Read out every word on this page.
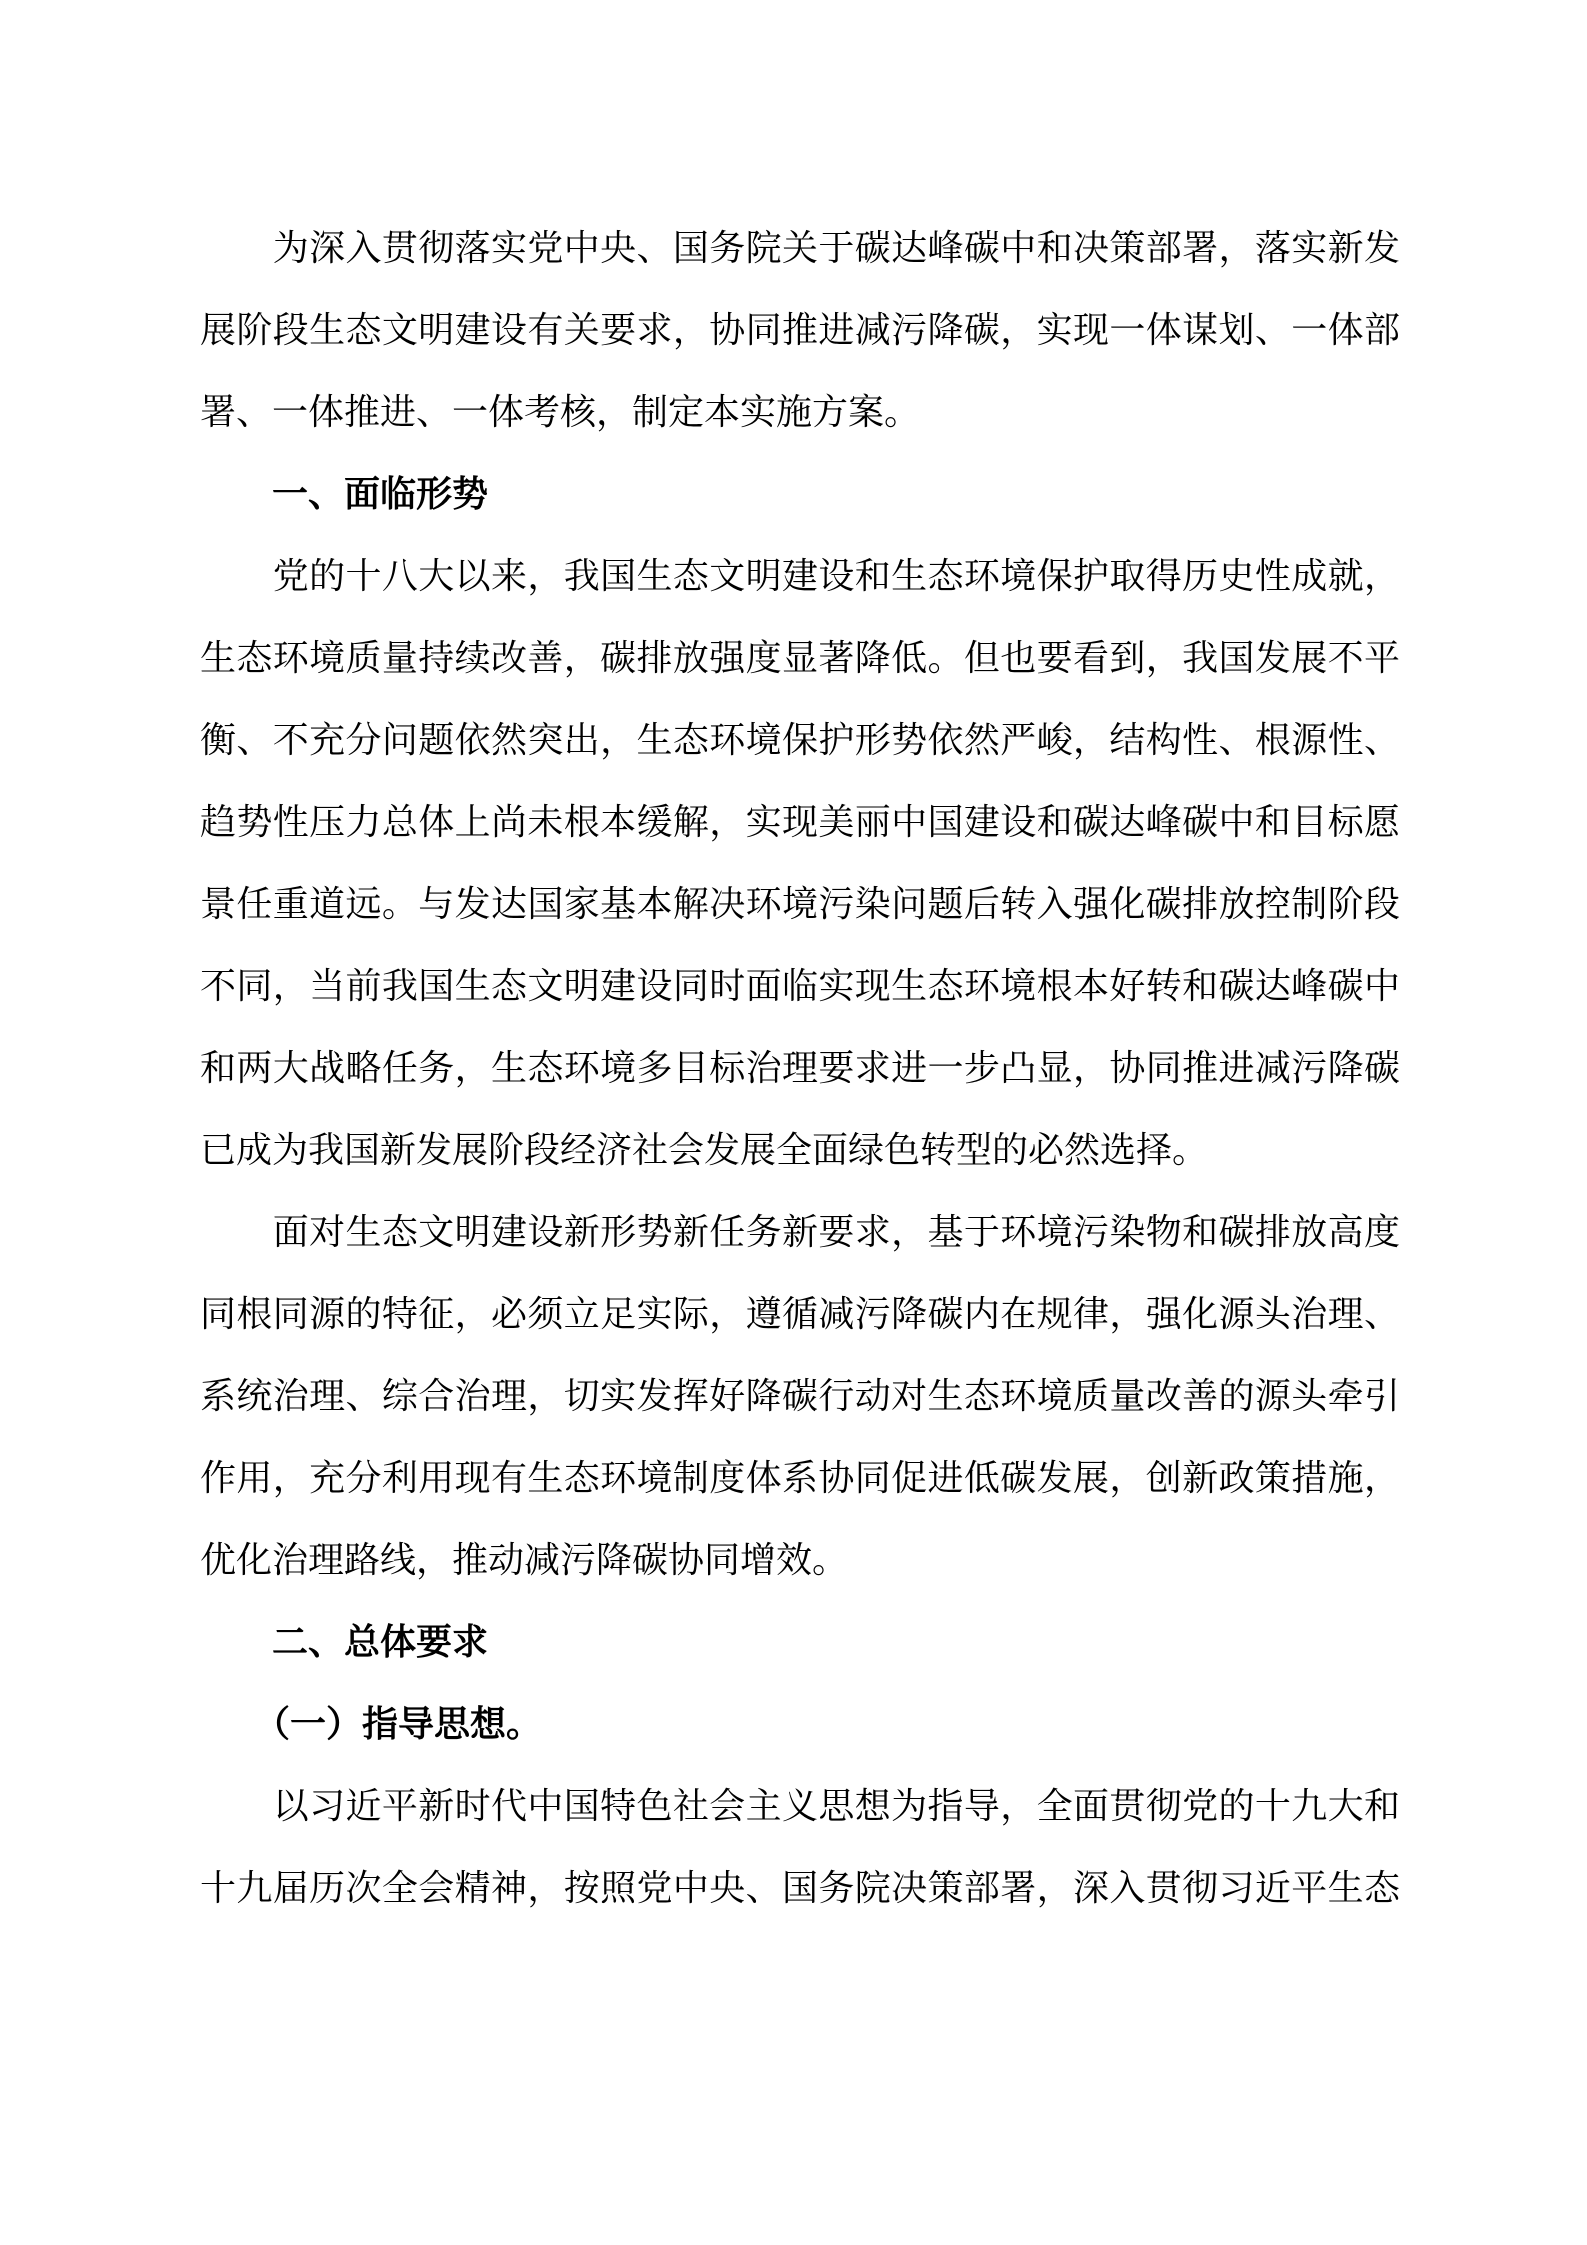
　　为深入贯彻落实党中央、国务院关于碳达峰碳中和决策部署，落实新发
展阶段生态文明建设有关要求，协同推进减污降碳，实现一体谋划、一体部
署、一体推进、一体考核，制定本实施方案。
　　一、面临形势
　　党的十八大以来，我国生态文明建设和生态环境保护取得历史性成就，
生态环境质量持续改善，碳排放强度显著降低。但也要看到，我国发展不平
衡、不充分问题依然突出，生态环境保护形势依然严峻，结构性、根源性、
趋势性压力总体上尚未根本缓解，实现美丽中国建设和碳达峰碳中和目标愿
景任重道远。与发达国家基本解决环境污染问题后转入强化碳排放控制阶段
不同，当前我国生态文明建设同时面临实现生态环境根本好转和碳达峰碳中
和两大战略任务，生态环境多目标治理要求进一步凸显，协同推进减污降碳
已成为我国新发展阶段经济社会发展全面绿色转型的必然选择。
　　面对生态文明建设新形势新任务新要求，基于环境污染物和碳排放高度
同根同源的特征，必须立足实际，遵循减污降碳内在规律，强化源头治理、
系统治理、综合治理，切实发挥好降碳行动对生态环境质量改善的源头牵引
作用，充分利用现有生态环境制度体系协同促进低碳发展，创新政策措施，
优化治理路线，推动减污降碳协同增效。
　　二、总体要求
　　（一）指导思想。
　　以习近平新时代中国特色社会主义思想为指导，全面贯彻党的十九大和
十九届历次全会精神，按照党中央、国务院决策部署，深入贯彻习近平生态
